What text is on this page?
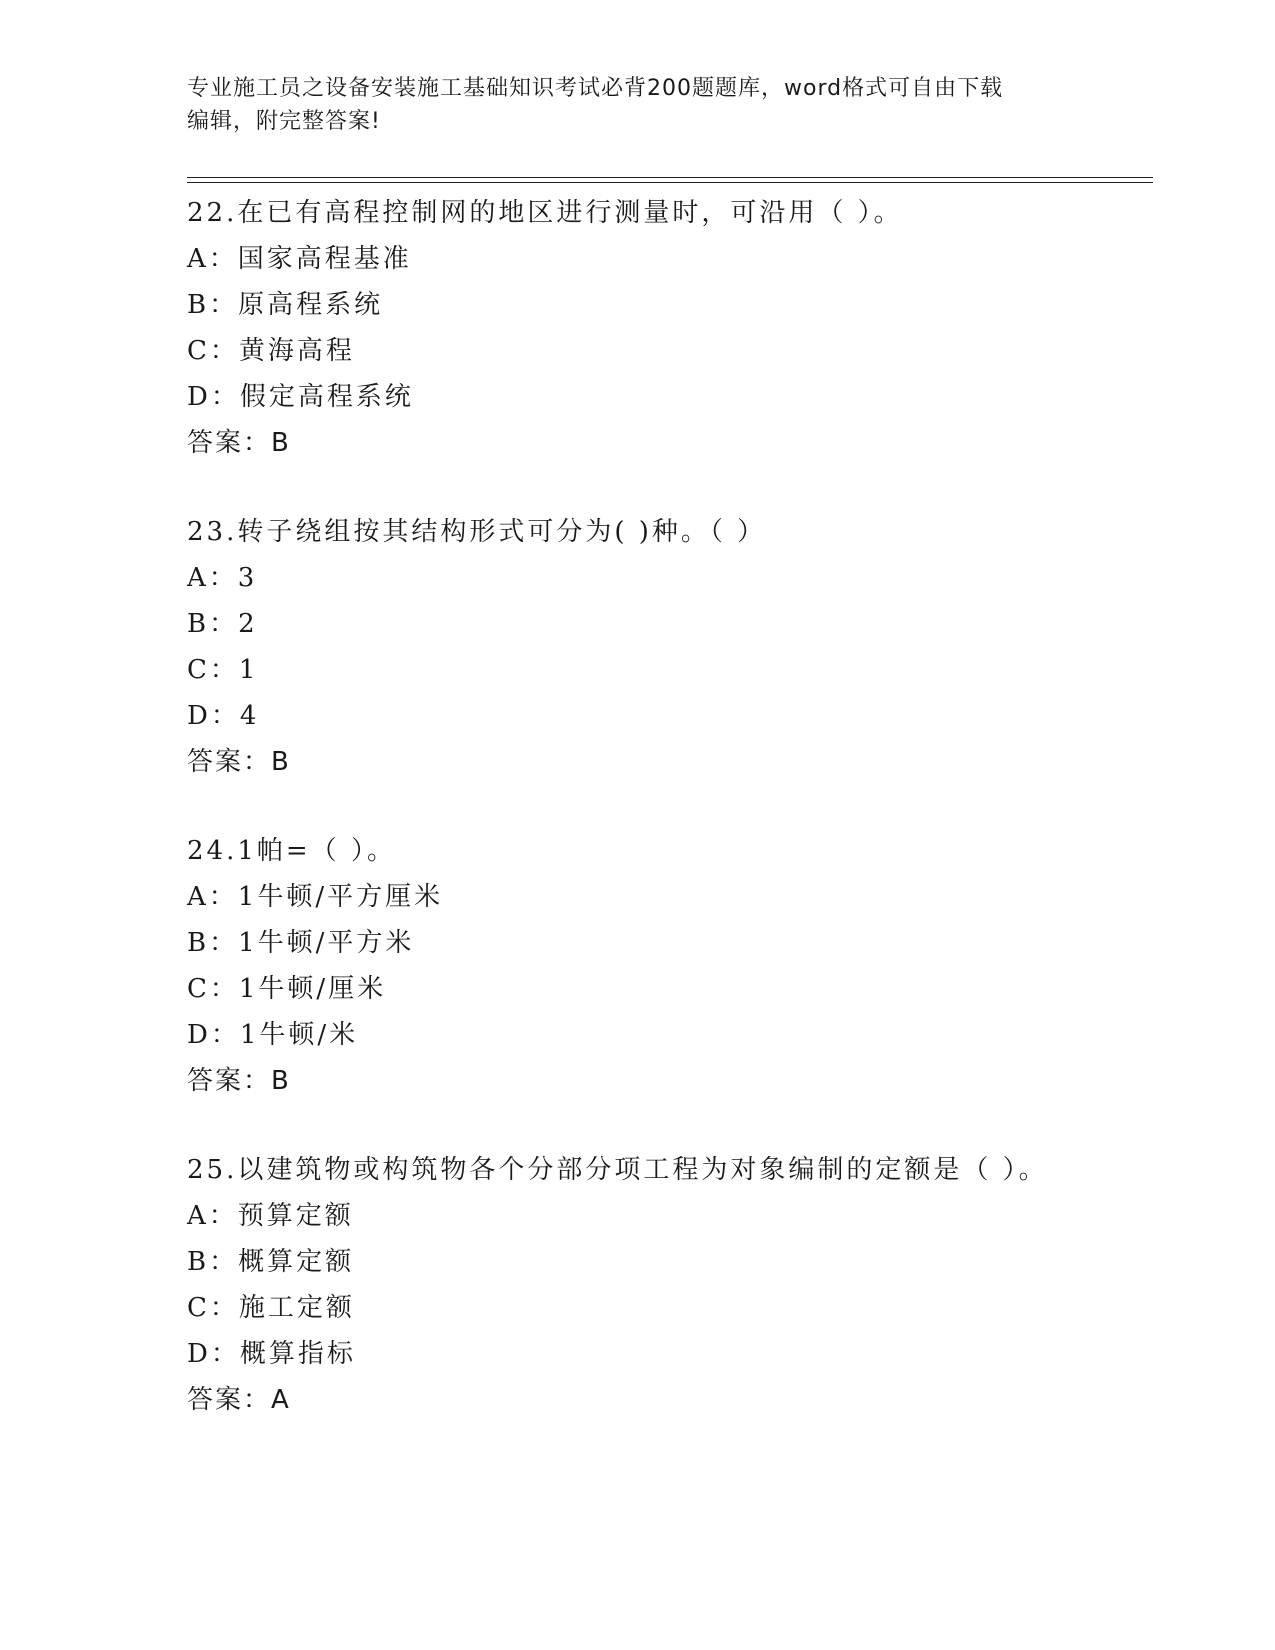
专业施工员之设备安装施工基础知识考试必背200题题库，word格式可自由下载
编辑，附完整答案!
22.在已有高程控制网的地区进行测量时，可沿用（ ）。
A：国家高程基准
B：原高程系统
C：黄海高程
D：假定高程系统
答案：B
23.转子绕组按其结构形式可分为( )种。（ ）
A：3
B：2
C：1
D：4
答案：B
24.1帕=（ ）。
A：1牛顿/平方厘米
B：1牛顿/平方米
C：1牛顿/厘米
D：1牛顿/米
答案：B
25.以建筑物或构筑物各个分部分项工程为对象编制的定额是（ ）。
A：预算定额
B：概算定额
C：施工定额
D：概算指标
答案：A
